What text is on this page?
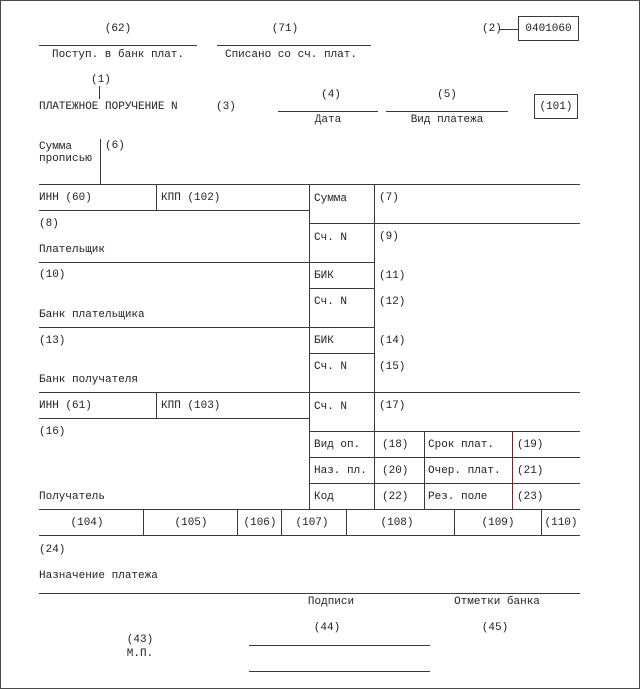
(62)	(71)	(2) 0401060
Поступ. в банк плат.	Списано со сч. плат.
(1)
ПЛАТЕЖНОЕ ПОРУЧЕНИЕ N	(3)
(4)
Дата
(5)
Вид платежа
(101)
Сумма
прописью
(6)
ИНН (60)	КПП (102)	Сумма	(7)
(8)
Сч. N	(9)
Плательщик
(10)	БИК	(11)
Сч. N	(12)
Банк плательщика
(13)	БИК	(14)
Сч. N	(15)
Банк получателя
ИНН (61)	КПП (103)	Сч. N	(17)
(16)
Вид оп. (18) Срок плат. (19)
Наз. пл. (20) Очер. плат. (21)
Код	(22) Рез. поле	(23)
Получатель
(104)	(105)	(106) (107)	(108)	(109)	(110)
(24)
Назначение платежа
Подписи	Отметки банка
(43)
М.П.
(44)	(45)
